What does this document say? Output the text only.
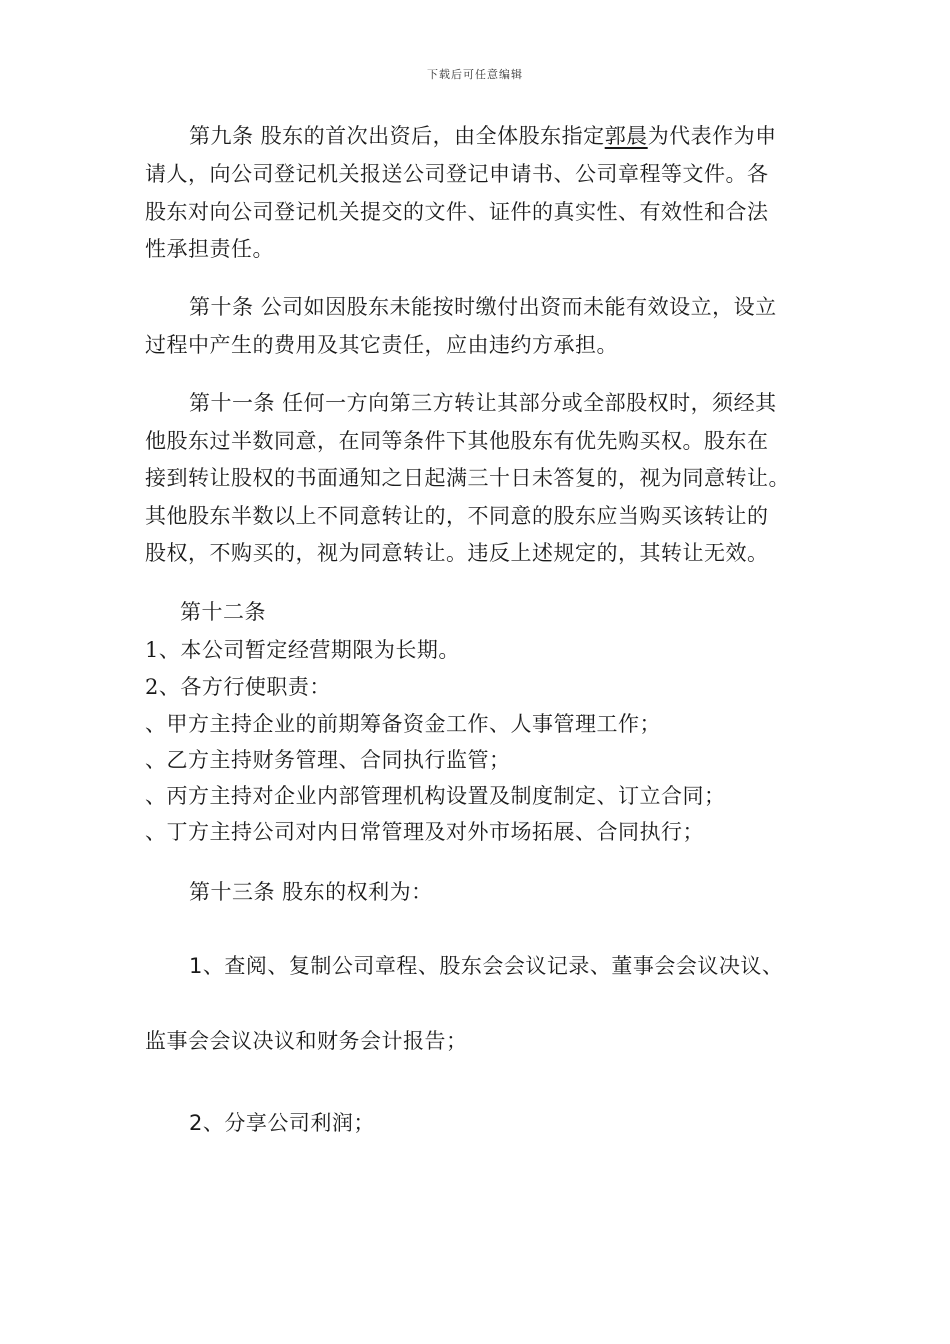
下载后可任意编辑
第九条 股东的首次出资后，由全体股东指定郭晨为代表作为申
请人，向公司登记机关报送公司登记申请书、公司章程等文件。各
股东对向公司登记机关提交的文件、证件的真实性、有效性和合法
性承担责任。
第十条 公司如因股东未能按时缴付出资而未能有效设立，设立
过程中产生的费用及其它责任，应由违约方承担。
第十一条 任何一方向第三方转让其部分或全部股权时，须经其
他股东过半数同意，在同等条件下其他股东有优先购买权。股东在
接到转让股权的书面通知之日起满三十日未答复的，视为同意转让。
其他股东半数以上不同意转让的，不同意的股东应当购买该转让的
股权，不购买的，视为同意转让。违反上述规定的，其转让无效。
第十二条
1、本公司暂定经营期限为长期。
2、各方行使职责：
、甲方主持企业的前期筹备资金工作、人事管理工作；
、乙方主持财务管理、合同执行监管；
、丙方主持对企业内部管理机构设置及制度制定、订立合同；
、丁方主持公司对内日常管理及对外市场拓展、合同执行；
第十三条 股东的权利为：
1、查阅、复制公司章程、股东会会议记录、董事会会议决议、
监事会会议决议和财务会计报告；
2、分享公司利润；
